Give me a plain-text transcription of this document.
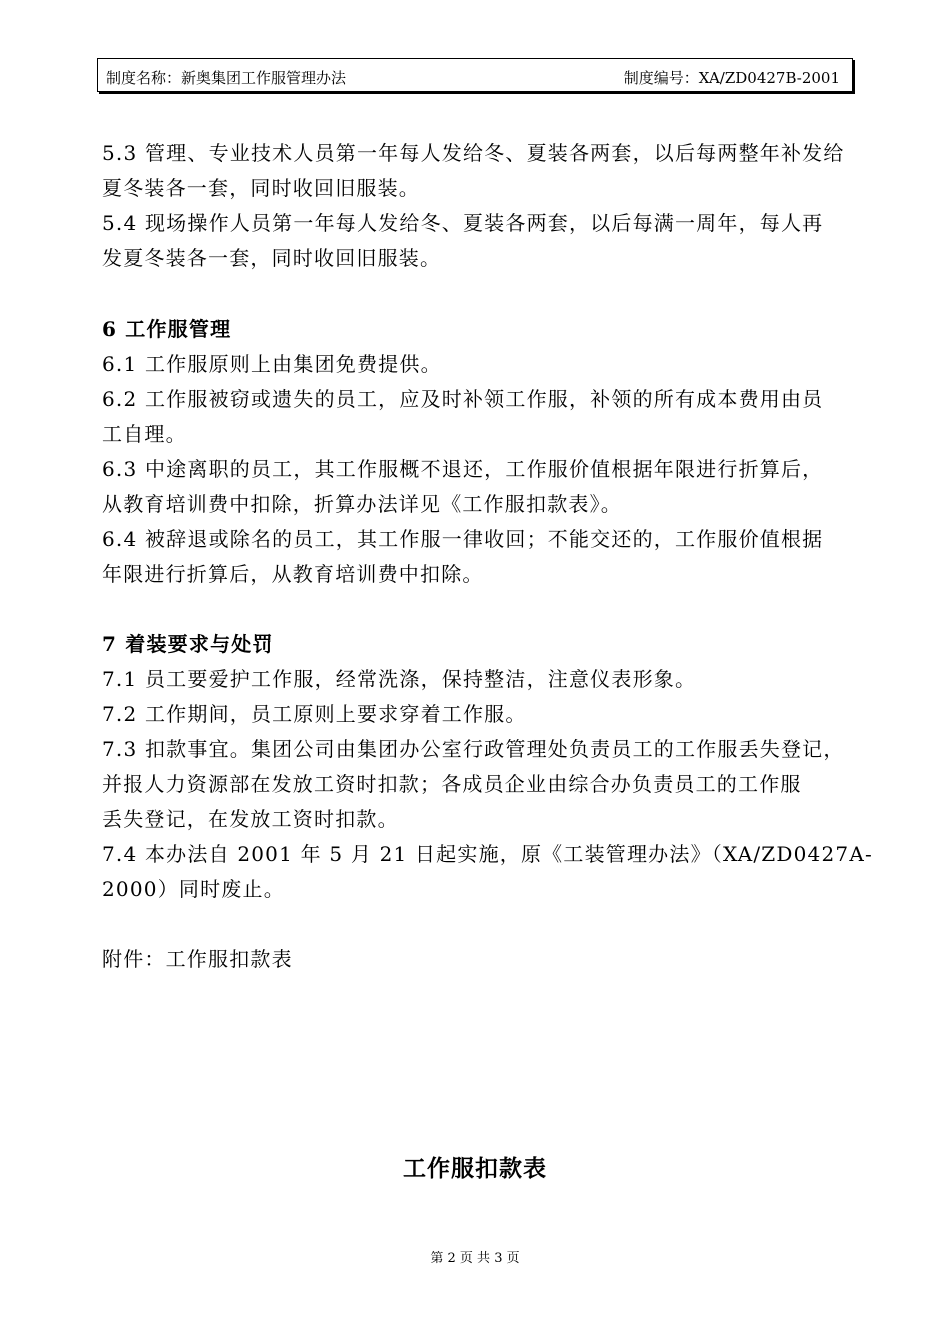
制度名称：新奥集团工作服管理办法	制度编号：XA/ZD0427B-2001
5.3 管理、专业技术人员第一年每人发给冬、夏装各两套，以后每两整年补发给
夏冬装各一套，同时收回旧服装。
5.4 现场操作人员第一年每人发给冬、夏装各两套，以后每满一周年，每人再
发夏冬装各一套，同时收回旧服装。
6 工作服管理
6.1 工作服原则上由集团免费提供。
6.2 工作服被窃或遗失的员工，应及时补领工作服，补领的所有成本费用由员
工自理。
6.3 中途离职的员工，其工作服概不退还，工作服价值根据年限进行折算后，
从教育培训费中扣除，折算办法详见《工作服扣款表》。
6.4 被辞退或除名的员工，其工作服一律收回；不能交还的，工作服价值根据
年限进行折算后，从教育培训费中扣除。
7 着装要求与处罚
7.1 员工要爱护工作服，经常洗涤，保持整洁，注意仪表形象。
7.2 工作期间，员工原则上要求穿着工作服。
7.3 扣款事宜。集团公司由集团办公室行政管理处负责员工的工作服丢失登记，
并报人力资源部在发放工资时扣款；各成员企业由综合办负责员工的工作服
丢失登记，在发放工资时扣款。
7.4 本办法自 2001 年 5 月 21 日起实施，原《工装管理办法》（XA/ZD0427A-
2000）同时废止。
附件：工作服扣款表
工作服扣款表
第 2 页 共 3 页
